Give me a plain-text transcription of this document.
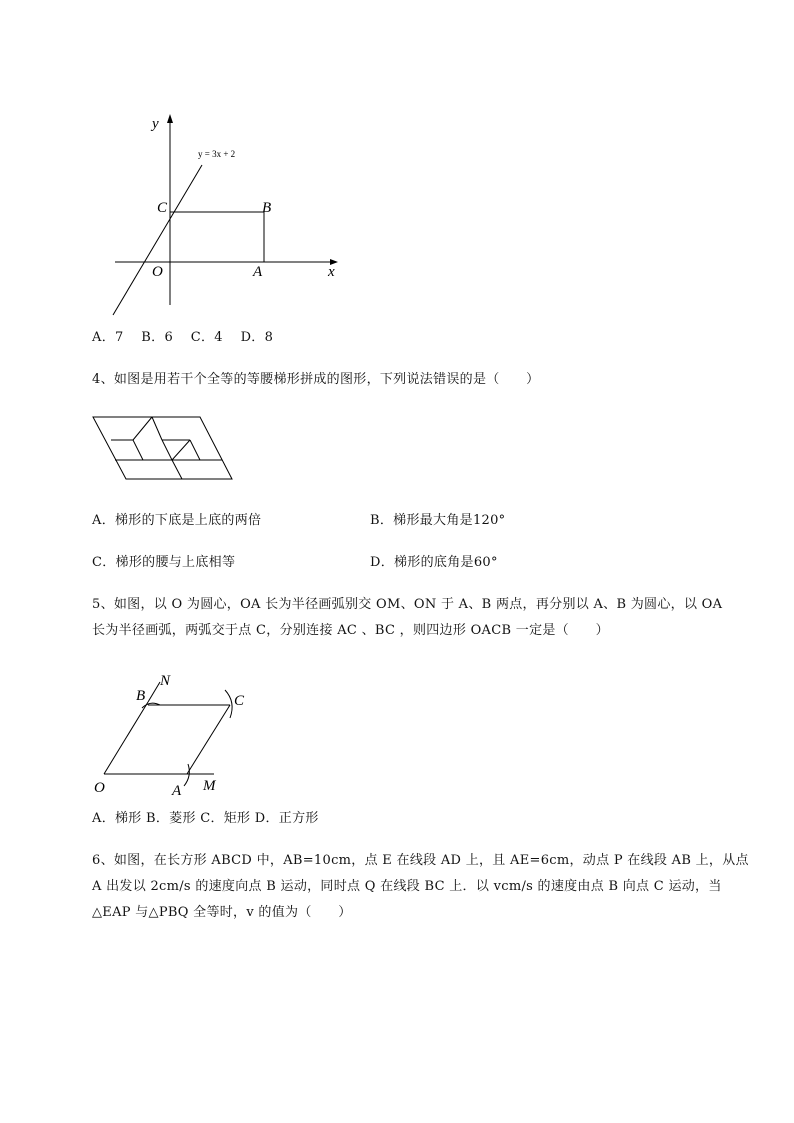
y
x
y = 3x + 2
C	B
O	A
A．7    B．6    C．4    D．8
4、如图是用若干个全等的等腰梯形拼成的图形，下列说法错误的是（　　）
A．梯形的下底是上底的两倍	B．梯形最大角是120°
C．梯形的腰与上底相等	D．梯形的底角是60°
5、如图，以 O 为圆心，OA 长为半径画弧别交 OM、ON 于 A、B 两点，再分别以 A、B 为圆心，以 OA
长为半径画弧，两弧交于点 C，分别连接 AC 、BC ，则四边形 OACB 一定是（　　）
N
B	C
O	A M
A．梯形 B．菱形 C．矩形 D．正方形
6、如图，在长方形 ABCD 中，AB=10cm，点 E 在线段 AD 上，且 AE=6cm，动点 P 在线段 AB 上，从点
A 出发以 2cm/s 的速度向点 B 运动，同时点 Q 在线段 BC 上．以 vcm/s 的速度由点 B 向点 C 运动，当
△EAP 与△PBQ 全等时，v 的值为（　　）
